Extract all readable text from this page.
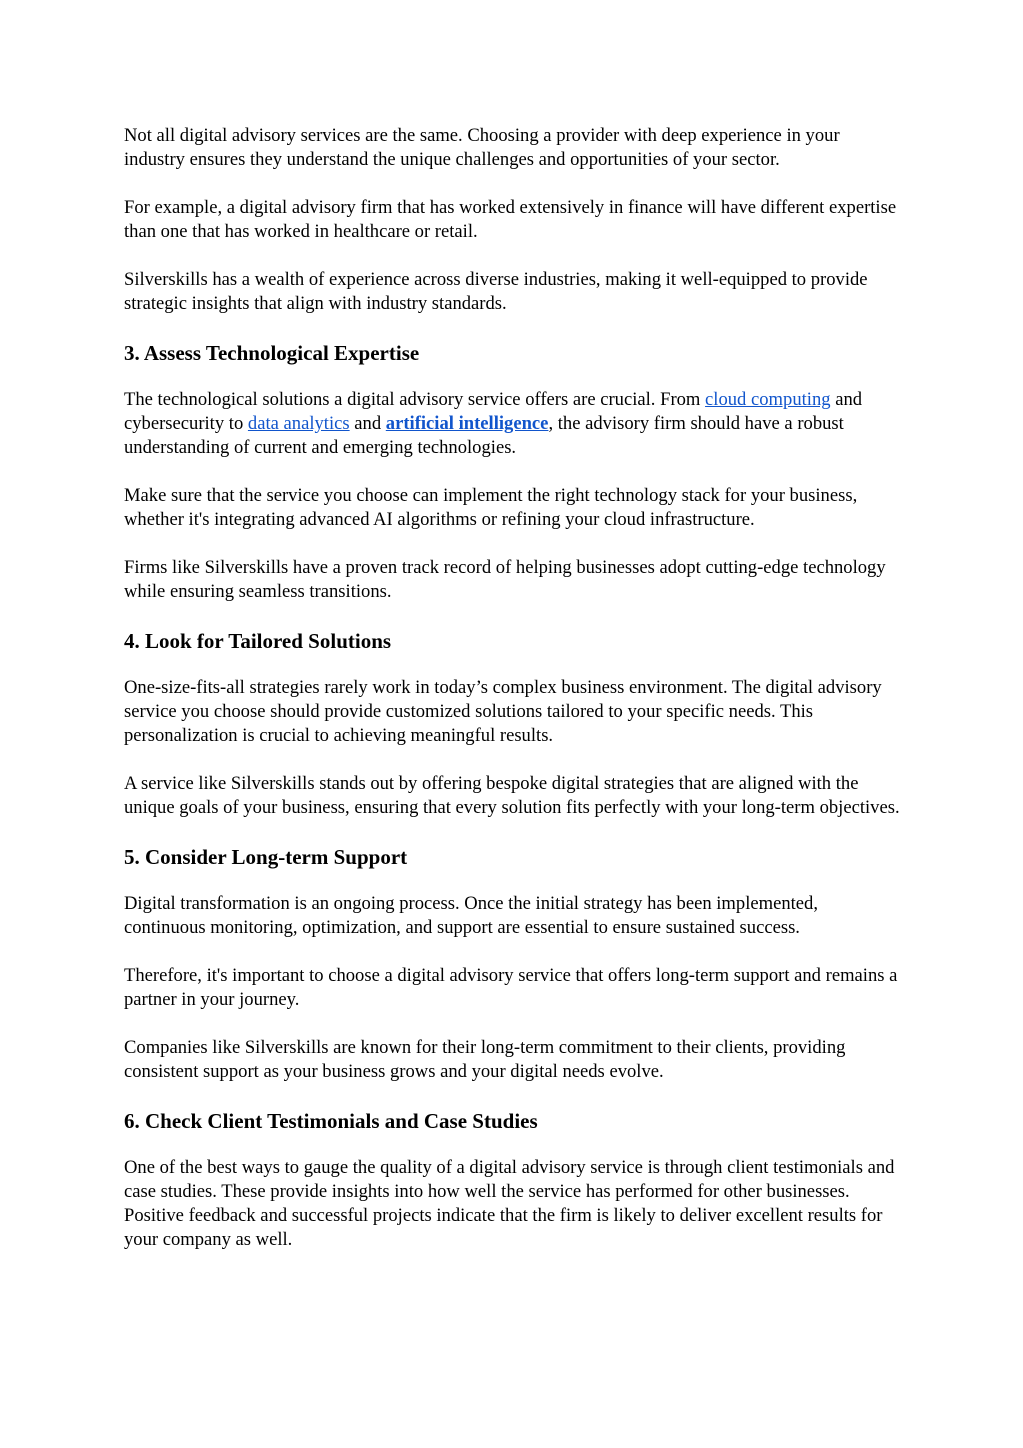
Not all digital advisory services are the same. Choosing a provider with deep experience in your industry ensures they understand the unique challenges and opportunities of your sector.

For example, a digital advisory firm that has worked extensively in finance will have different expertise than one that has worked in healthcare or retail.

Silverskills has a wealth of experience across diverse industries, making it well-equipped to provide strategic insights that align with industry standards.

3. Assess Technological Expertise

The technological solutions a digital advisory service offers are crucial. From cloud computing and cybersecurity to data analytics and artificial intelligence, the advisory firm should have a robust understanding of current and emerging technologies.

Make sure that the service you choose can implement the right technology stack for your business, whether it's integrating advanced AI algorithms or refining your cloud infrastructure.

Firms like Silverskills have a proven track record of helping businesses adopt cutting-edge technology while ensuring seamless transitions.

4. Look for Tailored Solutions

One-size-fits-all strategies rarely work in today’s complex business environment. The digital advisory service you choose should provide customized solutions tailored to your specific needs. This personalization is crucial to achieving meaningful results.

A service like Silverskills stands out by offering bespoke digital strategies that are aligned with the unique goals of your business, ensuring that every solution fits perfectly with your long-term objectives.

5. Consider Long-term Support

Digital transformation is an ongoing process. Once the initial strategy has been implemented, continuous monitoring, optimization, and support are essential to ensure sustained success.

Therefore, it's important to choose a digital advisory service that offers long-term support and remains a partner in your journey.

Companies like Silverskills are known for their long-term commitment to their clients, providing consistent support as your business grows and your digital needs evolve.

6. Check Client Testimonials and Case Studies

One of the best ways to gauge the quality of a digital advisory service is through client testimonials and case studies. These provide insights into how well the service has performed for other businesses. Positive feedback and successful projects indicate that the firm is likely to deliver excellent results for your company as well.
